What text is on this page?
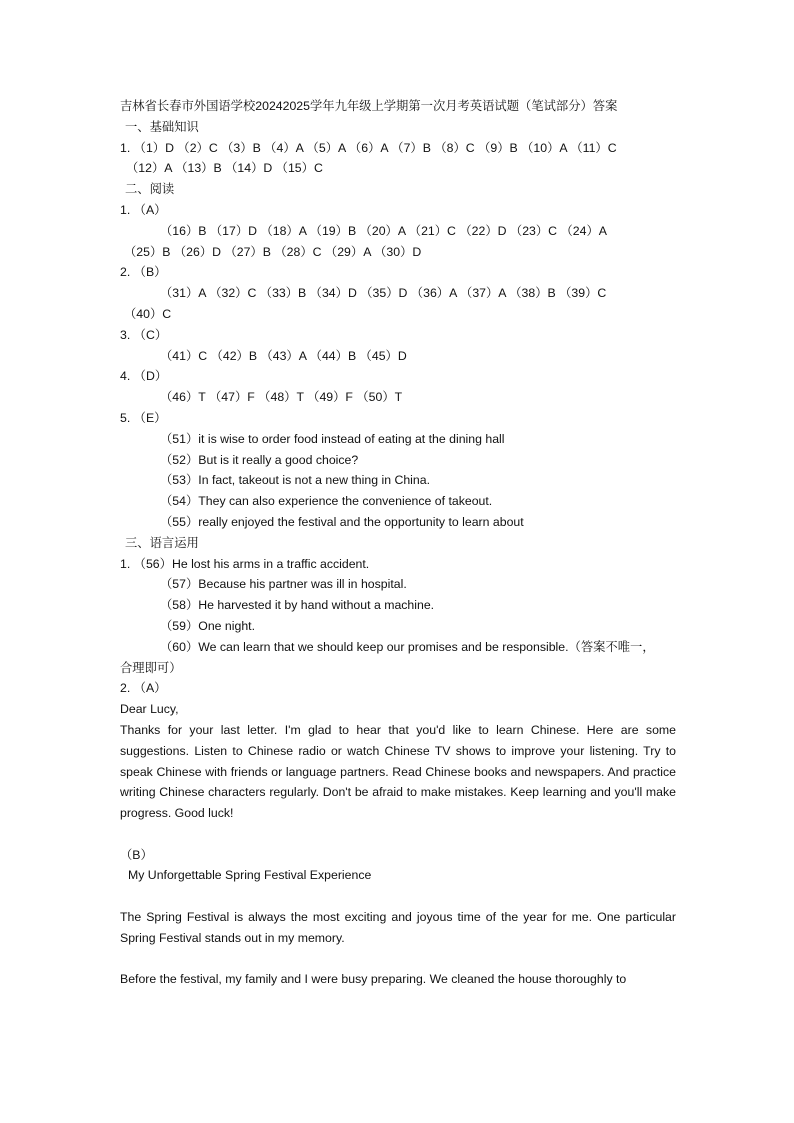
吉林省长春市外国语学校20242025学年九年级上学期第一次月考英语试题（笔试部分）答案
一、基础知识
1. （1）D （2）C （3）B （4）A （5）A （6）A （7）B （8）C （9）B （10）A （11）C
（12）A （13）B （14）D （15）C
二、阅读
1. （A）
（16）B （17）D （18）A （19）B （20）A （21）C （22）D （23）C （24）A
（25）B （26）D （27）B （28）C （29）A （30）D
2. （B）
（31）A （32）C （33）B （34）D （35）D （36）A （37）A （38）B （39）C
（40）C
3. （C）
（41）C （42）B （43）A （44）B （45）D
4. （D）
（46）T （47）F （48）T （49）F （50）T
5. （E）
（51）it is wise to order food instead of eating at the dining hall
（52）But is it really a good choice?
（53）In fact, takeout is not a new thing in China.
（54）They can also experience the convenience of takeout.
（55）really enjoyed the festival and the opportunity to learn about
三、语言运用
1. （56）He lost his arms in a traffic accident.
（57）Because his partner was ill in hospital.
（58）He harvested it by hand without a machine.
（59）One night.
（60）We can learn that we should keep our promises and be responsible.（答案不唯一，
合理即可）
2. （A）
Dear Lucy,
Thanks for your last letter. I'm glad to hear that you'd like to learn Chinese. Here are some suggestions. Listen to Chinese radio or watch Chinese TV shows to improve your listening. Try to speak Chinese with friends or language partners. Read Chinese books and newspapers. And practice writing Chinese characters regularly. Don't be afraid to make mistakes. Keep learning and you'll make progress. Good luck!
（B）
My Unforgettable Spring Festival Experience
The Spring Festival is always the most exciting and joyous time of the year for me. One particular Spring Festival stands out in my memory.
Before the festival, my family and I were busy preparing. We cleaned the house thoroughly to
